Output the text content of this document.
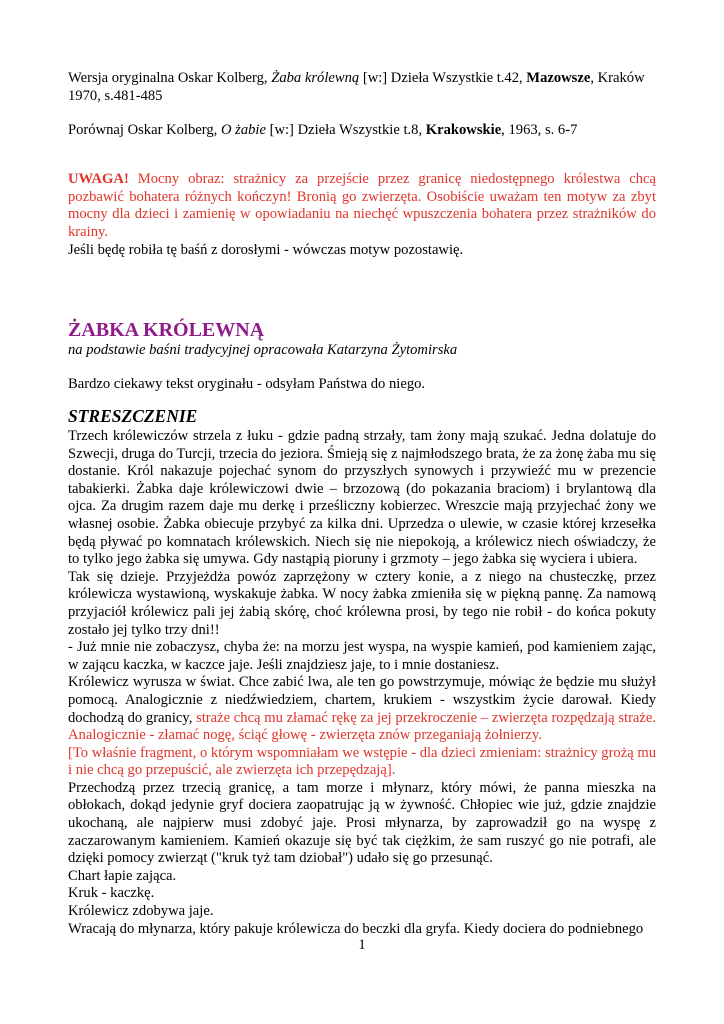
Wersja oryginalna Oskar Kolberg, Żaba królewną [w:] Dzieła Wszystkie t.42, Mazowsze, Kraków 1970, s.481-485

Porównaj Oskar Kolberg, O żabie [w:] Dzieła Wszystkie t.8, Krakowskie, 1963, s. 6-7

UWAGA! Mocny obraz: strażnicy za przejście przez granicę niedostępnego królestwa chcą pozbawić bohatera różnych kończyn! Bronią go zwierzęta. Osobiście uważam ten motyw za zbyt mocny dla dzieci i zamienię w opowiadaniu na niechęć wpuszczenia bohatera przez strażników do krainy.

Jeśli będę robiła tę baśń z dorosłymi - wówczas motyw pozostawię.

ŻABKA KRÓLEWNĄ

na podstawie baśni tradycyjnej opracowała Katarzyna Żytomirska

Bardzo ciekawy tekst oryginału - odsyłam Państwa do niego.

STRESZCZENIE
Trzech królewiczów strzela z łuku - gdzie padną strzały, tam żony mają szukać. Jedna dolatuje do Szwecji, druga do Turcji, trzecia do jeziora. Śmieją się z najmłodszego brata, że za żonę żaba mu się dostanie. Król nakazuje pojechać synom do przyszłych synowych i przywieźć mu w prezencie tabakierki. Żabka daje królewiczowi dwie – brzozową (do pokazania braciom) i brylantową dla ojca. Za drugim razem daje mu derkę i prześliczny kobierzec. Wreszcie mają przyjechać żony we własnej osobie. Żabka obiecuje przybyć za kilka dni. Uprzedza o ulewie, w czasie której krzesełka będą pływać po komnatach królewskich. Niech się nie niepokoją, a królewicz niech oświadczy, że to tylko jego żabka się umywa. Gdy nastąpią pioruny i grzmoty – jego żabka się wyciera i ubiera.
Tak się dzieje. Przyjeżdża powóz zaprzężony w cztery konie, a z niego na chusteczkę, przez królewicza wystawioną, wyskakuje żabka. W nocy żabka zmieniła się w piękną pannę. Za namową przyjaciół królewicz pali jej żabią skórę, choć królewna prosi, by tego nie robił - do końca pokuty zostało jej tylko trzy dni!!
- Już mnie nie zobaczysz, chyba że: na morzu jest wyspa, na wyspie kamień, pod kamieniem zając, w zającu kaczka, w kaczce jaje. Jeśli znajdziesz jaje, to i mnie dostaniesz.
Królewicz wyrusza w świat. Chce zabić lwa, ale ten go powstrzymuje, mówiąc że będzie mu służył pomocą. Analogicznie z niedźwiedziem, chartem, krukiem - wszystkim życie darował. Kiedy dochodzą do granicy, straże chcą mu złamać rękę za jej przekroczenie – zwierzęta rozpędzają straże. Analogicznie - złamać nogę, ściąć głowę - zwierzęta znów przeganiają żołnierzy.
[To właśnie fragment, o którym wspomniałam we wstępie - dla dzieci zmieniam: strażnicy grożą mu i nie chcą go przepuścić, ale zwierzęta ich przepędzają].
Przechodzą przez trzecią granicę, a tam morze i młynarz, który mówi, że panna mieszka na obłokach, dokąd jedynie gryf dociera zaopatrując ją w żywność. Chłopiec wie już, gdzie znajdzie ukochaną, ale najpierw musi zdobyć jaje. Prosi młynarza, by zaprowadził go na wyspę z zaczarowanym kamieniem. Kamień okazuje się być tak ciężkim, że sam ruszyć go nie potrafi, ale dzięki pomocy zwierząt ("kruk tyż tam dziobał") udało się go przesunąć.
Chart łapie zająca.
Kruk - kaczkę.
Królewicz zdobywa jaje.
Wracają do młynarza, który pakuje królewicza do beczki dla gryfa. Kiedy dociera do podniebnego

1
